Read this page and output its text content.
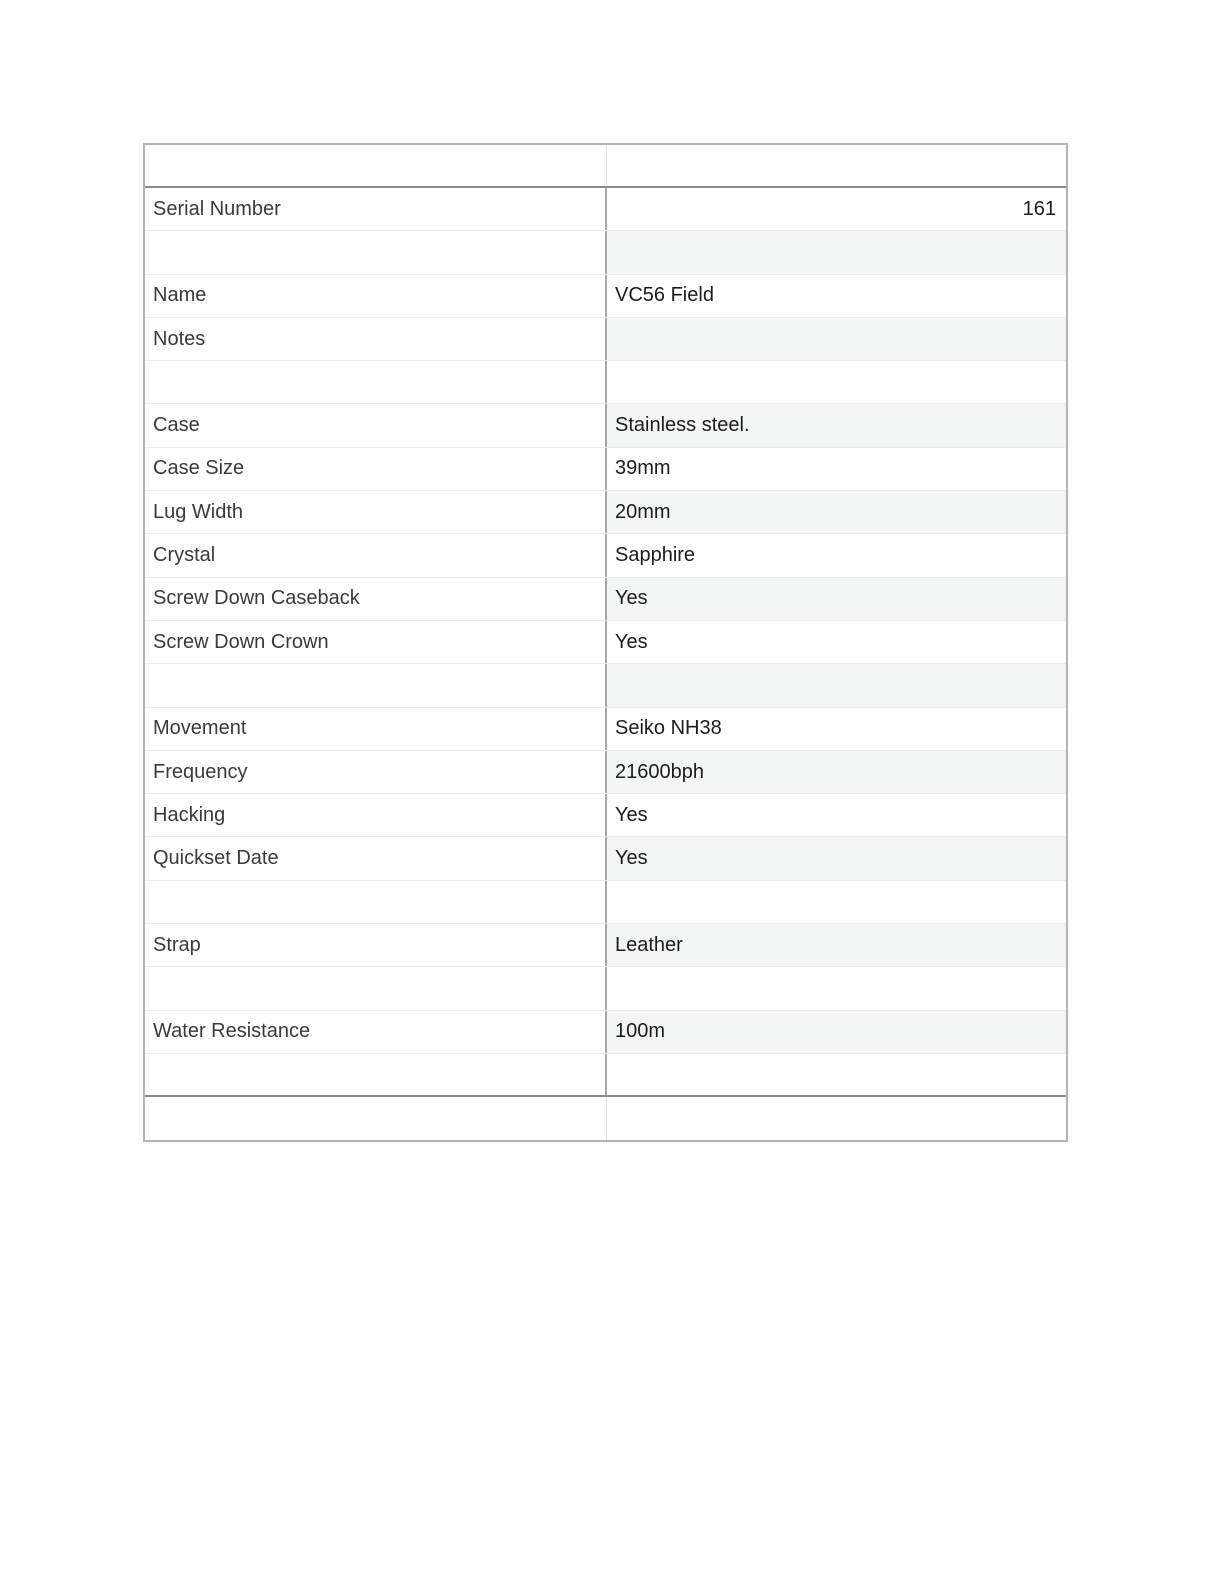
Serial Number	161
Name	VC56 Field
Notes
Case	Stainless steel.
Case Size	39mm
Lug Width	20mm
Crystal	Sapphire
Screw Down Caseback	Yes
Screw Down Crown	Yes
Movement	Seiko NH38
Frequency	21600bph
Hacking	Yes
Quickset Date	Yes
Strap	Leather
Water Resistance	100m
